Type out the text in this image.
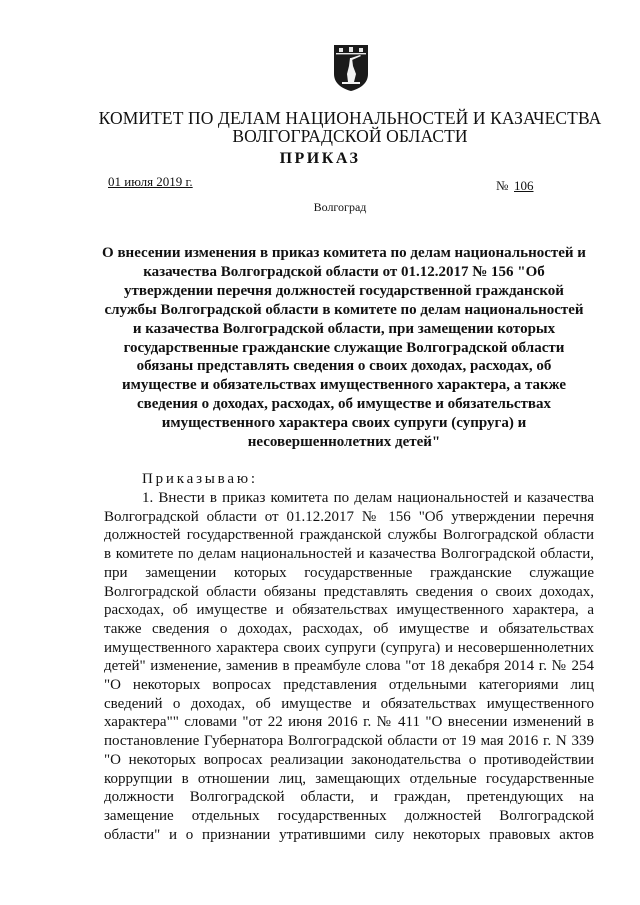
КОМИТЕТ ПО ДЕЛАМ НАЦИОНАЛЬНОСТЕЙ И КАЗАЧЕСТВА
ВОЛГОГРАДСКОЙ ОБЛАСТИ
ПРИКАЗ
01 июля 2019 г.	№ 106
Волгоград
О внесении изменения в приказ комитета по делам национальностей и
казачества Волгоградской области от 01.12.2017 № 156 "Об
утверждении перечня должностей государственной гражданской
службы Волгоградской области в комитете по делам национальностей
и казачества Волгоградской области, при замещении которых
государственные гражданские служащие Волгоградской области
обязаны представлять сведения о своих доходах, расходах, об
имуществе и обязательствах имущественного характера, а также
сведения о доходах, расходах, об имуществе и обязательствах
имущественного характера своих супруги (супруга) и
несовершеннолетних детей"
Приказываю:
1. Внести в приказ комитета по делам национальностей и казачества
Волгоградской области от 01.12.2017 № 156 "Об утверждении перечня
должностей государственной гражданской службы Волгоградской области
в комитете по делам национальностей и казачества Волгоградской области,
при замещении которых государственные гражданские служащие
Волгоградской области обязаны представлять сведения о своих доходах,
расходах, об имуществе и обязательствах имущественного характера, а
также сведения о доходах, расходах, об имуществе и обязательствах
имущественного характера своих супруги (супруга) и несовершеннолетних
детей" изменение, заменив в преамбуле слова "от 18 декабря 2014 г. № 254
"О некоторых вопросах представления отдельными категориями лиц
сведений о доходах, об имуществе и обязательствах имущественного
характера"" словами "от 22 июня 2016 г. № 411 "О внесении изменений в
постановление Губернатора Волгоградской области от 19 мая 2016 г. N 339
"О некоторых вопросах реализации законодательства о противодействии
коррупции в отношении лиц, замещающих отдельные государственные
должности Волгоградской области, и граждан, претендующих на
замещение отдельных государственных должностей Волгоградской
области" и о признании утратившими силу некоторых правовых актов
